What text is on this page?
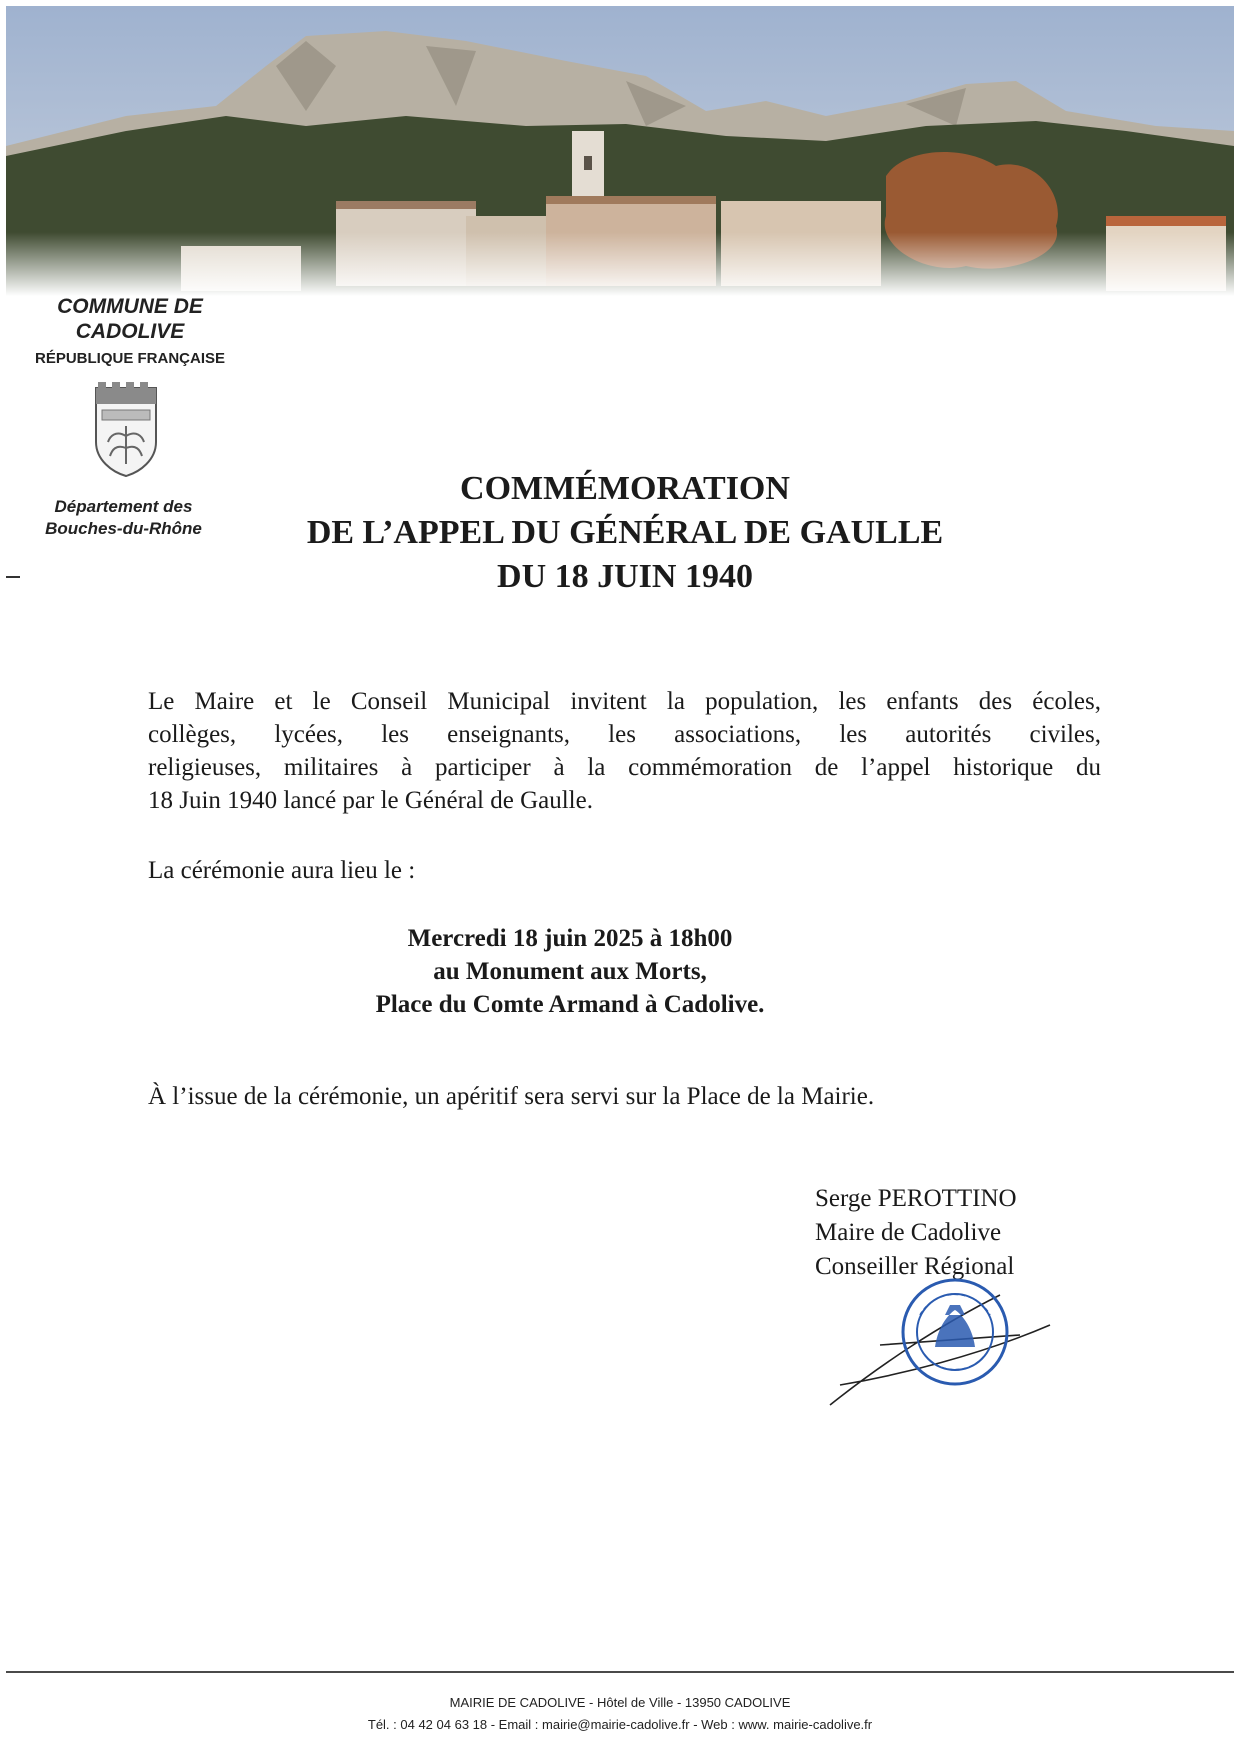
COMMUNE DE
CADOLIVE
RÉPUBLIQUE FRANÇAISE
Département des
Bouches-du-Rhône
COMMÉMORATION
DE L’APPEL DU GÉNÉRAL DE GAULLE
DU 18 JUIN 1940

Le Maire et le Conseil Municipal invitent la population, les enfants des écoles,
collèges, lycées, les enseignants, les associations, les autorités civiles,
religieuses, militaires à participer à la commémoration de l’appel historique du
18 Juin 1940 lancé par le Général de Gaulle.

La cérémonie aura lieu le :
Mercredi 18 juin 2025 à 18h00
au Monument aux Morts,
Place du Comte Armand à Cadolive.
À l’issue de la cérémonie, un apéritif sera servi sur la Place de la Mairie.
Serge PEROTTINO
Maire de Cadolive
Conseiller Régional
MAIRIE DE CADOLIVE - Hôtel de Ville - 13950 CADOLIVE
Tél. : 04 42 04 63 18 - Email : mairie@mairie-cadolive.fr - Web : www. mairie-cadolive.fr
